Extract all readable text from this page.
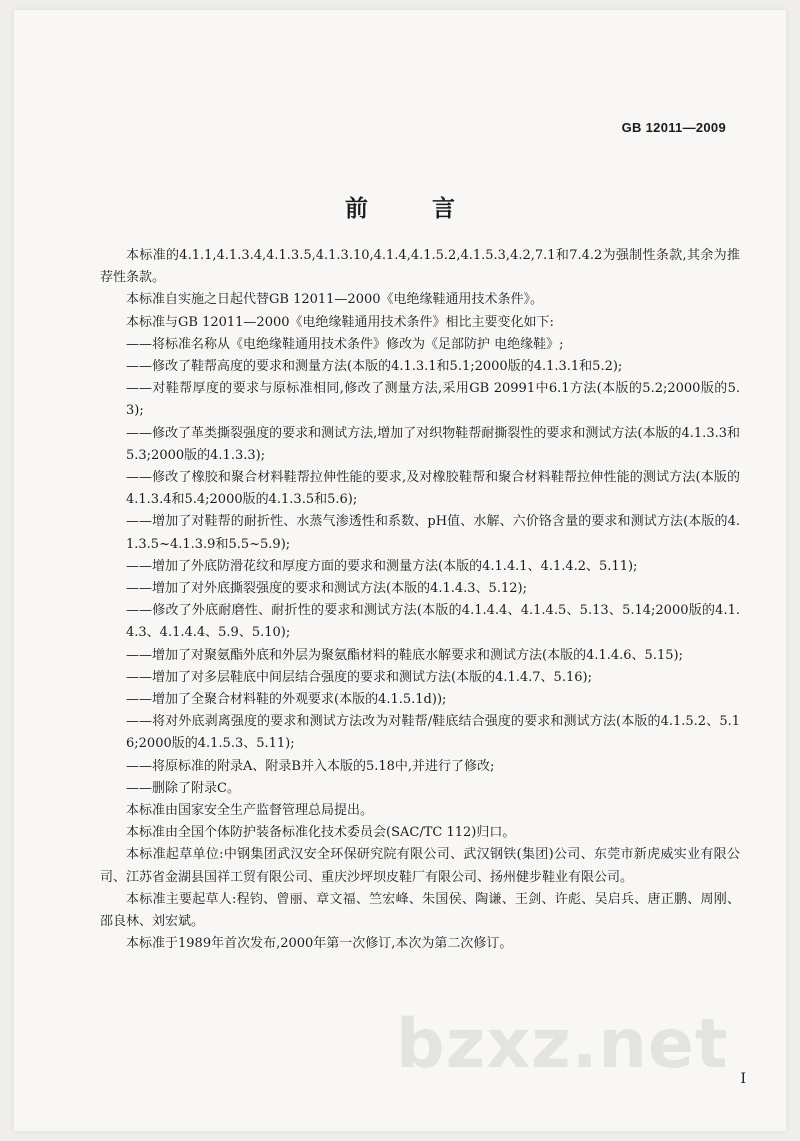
GB 12011—2009
前 言
bzxz.net I

本标准的4.1.1,4.1.3.4,4.1.3.5,4.1.3.10,4.1.4,4.1.5.2,4.1.5.3,4.2,7.1和7.4.2为强制性条款,其余为推荐性条款。

本标准自实施之日起代替GB 12011—2000《电绝缘鞋通用技术条件》。

本标准与GB 12011—2000《电绝缘鞋通用技术条件》相比主要变化如下:

——将标准名称从《电绝缘鞋通用技术条件》修改为《足部防护 电绝缘鞋》;

——修改了鞋帮高度的要求和测量方法(本版的4.1.3.1和5.1;2000版的4.1.3.1和5.2);

——对鞋帮厚度的要求与原标准相同,修改了测量方法,采用GB 20991中6.1方法(本版的5.2;2000版的5.3);

——修改了革类撕裂强度的要求和测试方法,增加了对织物鞋帮耐撕裂性的要求和测试方法(本版的4.1.3.3和5.3;2000版的4.1.3.3);

——修改了橡胶和聚合材料鞋帮拉伸性能的要求,及对橡胶鞋帮和聚合材料鞋帮拉伸性能的测试方法(本版的4.1.3.4和5.4;2000版的4.1.3.5和5.6);

——增加了对鞋帮的耐折性、水蒸气渗透性和系数、pH值、水解、六价铬含量的要求和测试方法(本版的4.1.3.5~4.1.3.9和5.5~5.9);

——增加了外底防滑花纹和厚度方面的要求和测量方法(本版的4.1.4.1、4.1.4.2、5.11);

——增加了对外底撕裂强度的要求和测试方法(本版的4.1.4.3、5.12);

——修改了外底耐磨性、耐折性的要求和测试方法(本版的4.1.4.4、4.1.4.5、5.13、5.14;2000版的4.1.4.3、4.1.4.4、5.9、5.10);

——增加了对聚氨酯外底和外层为聚氨酯材料的鞋底水解要求和测试方法(本版的4.1.4.6、5.15);

——增加了对多层鞋底中间层结合强度的要求和测试方法(本版的4.1.4.7、5.16);

——增加了全聚合材料鞋的外观要求(本版的4.1.5.1d));

——将对外底剥离强度的要求和测试方法改为对鞋帮/鞋底结合强度的要求和测试方法(本版的4.1.5.2、5.16;2000版的4.1.5.3、5.11);

——将原标准的附录A、附录B并入本版的5.18中,并进行了修改;

——删除了附录C。

本标准由国家安全生产监督管理总局提出。

本标准由全国个体防护装备标准化技术委员会(SAC/TC 112)归口。

本标准起草单位:中钢集团武汉安全环保研究院有限公司、武汉钢铁(集团)公司、东莞市新虎威实业有限公司、江苏省金湖县国祥工贸有限公司、重庆沙坪坝皮鞋厂有限公司、扬州健步鞋业有限公司。

本标准主要起草人:程钧、曾丽、章文福、竺宏峰、朱国侯、陶谦、王剑、许彪、吴启兵、唐正鹏、周刚、邵良林、刘宏斌。

本标准于1989年首次发布,2000年第一次修订,本次为第二次修订。
